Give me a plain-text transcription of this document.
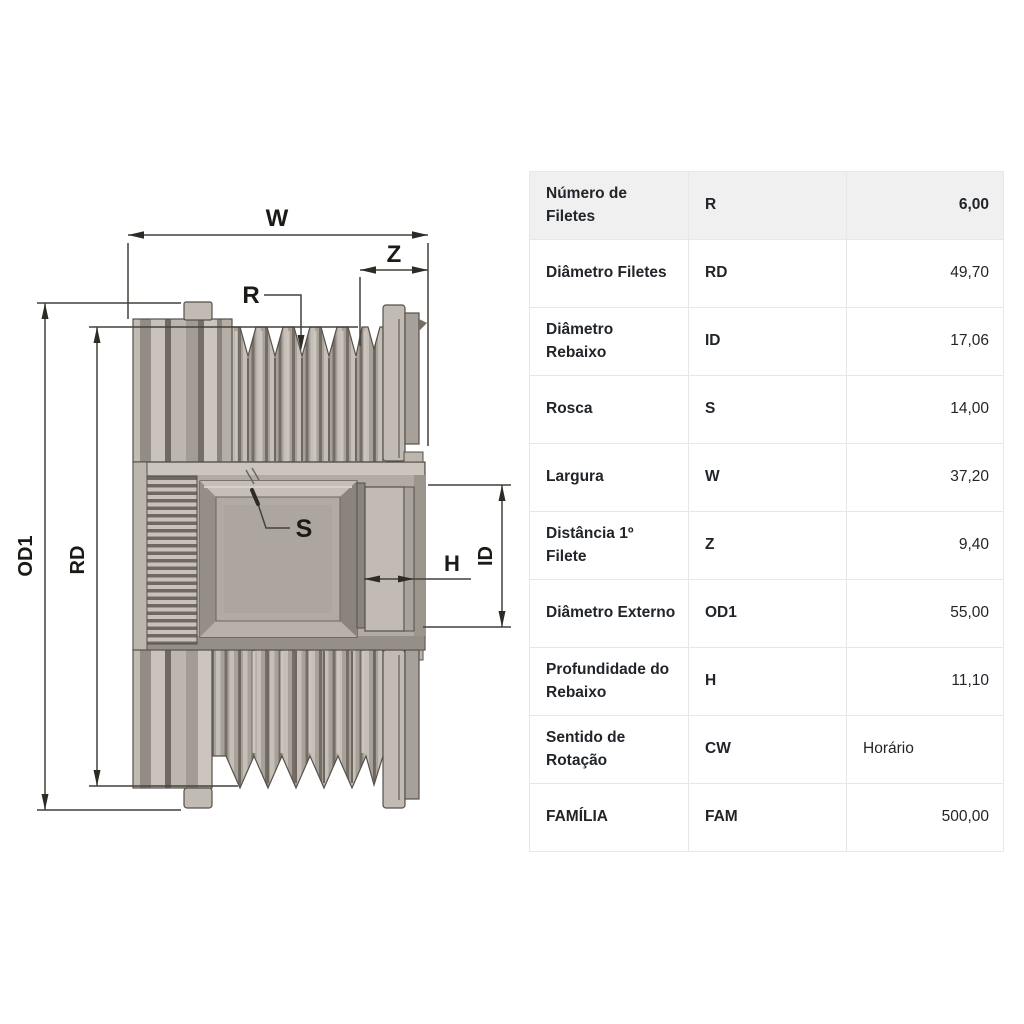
W
Z
R
S
H
OD1 RD	ID
Número de Filetes	R	6,00
Diâmetro Filetes	RD	49,70
Diâmetro Rebaixo	ID	17,06
Rosca	S	14,00
Largura	W	37,20
Distância 1º Filete	Z	9,40
Diâmetro Externo	OD1	55,00
Profundidade do Rebaixo	H	11,10
Sentido de Rotação	CW	Horário
FAMÍLIA	FAM	500,00
